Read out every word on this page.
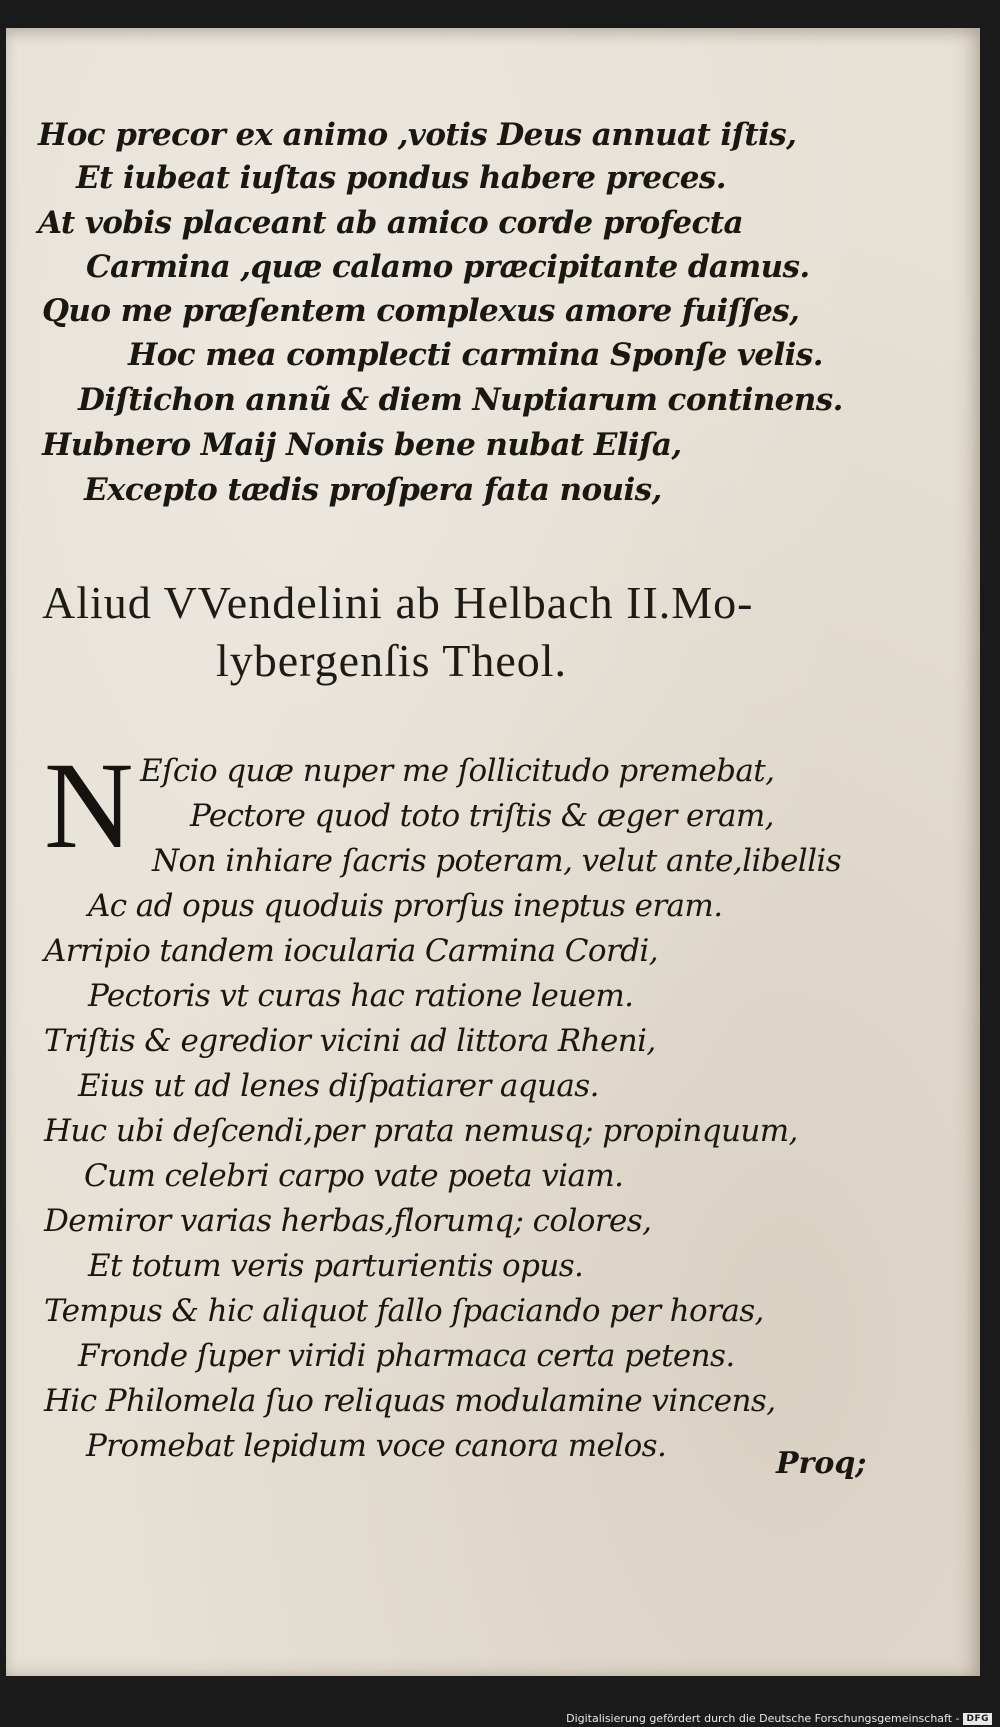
Hoc precor ex animo ,votis Deus annuat iſtis,
Et iubeat iuſtas pondus habere preces.
At vobis placeant ab amico corde profecta
Carmina ,quæ calamo præcipitante damus.
Quo me præſentem complexus amore fuiſſes,
Hoc mea complecti carmina Sponſe velis.
Diſtichon annũ & diem Nuptiarum continens.
Hubnero Maij Nonis bene nubat Eliſa,
Excepto tædis proſpera fata nouis,
Aliud VVendelini ab Helbach II.Mo-
lybergenſis Theol.
N Eſcio quæ nuper me ſollicitudo premebat,
Pectore quod toto triſtis & æger eram,
Non inhiare ſacris poteram, velut ante,libellis
Ac ad opus quoduis prorſus ineptus eram.
Arripio tandem iocularia Carmina Cordi,
Pectoris vt curas hac ratione leuem.
Triſtis & egredior vicini ad littora Rheni,
Eius ut ad lenes diſpatiarer aquas.
Huc ubi deſcendi,per prata nemusq; propinquum,
Cum celebri carpo vate poeta viam.
Demiror varias herbas,florumq; colores,
Et totum veris parturientis opus.
Tempus & hic aliquot fallo ſpaciando per horas,
Fronde ſuper viridi pharmaca certa petens.
Hic Philomela ſuo reliquas modulamine vincens,
Promebat lepidum voce canora melos.	Proq;
Digitalisierung gefördert durch die Deutsche Forschungsgemeinschaft - DFG
